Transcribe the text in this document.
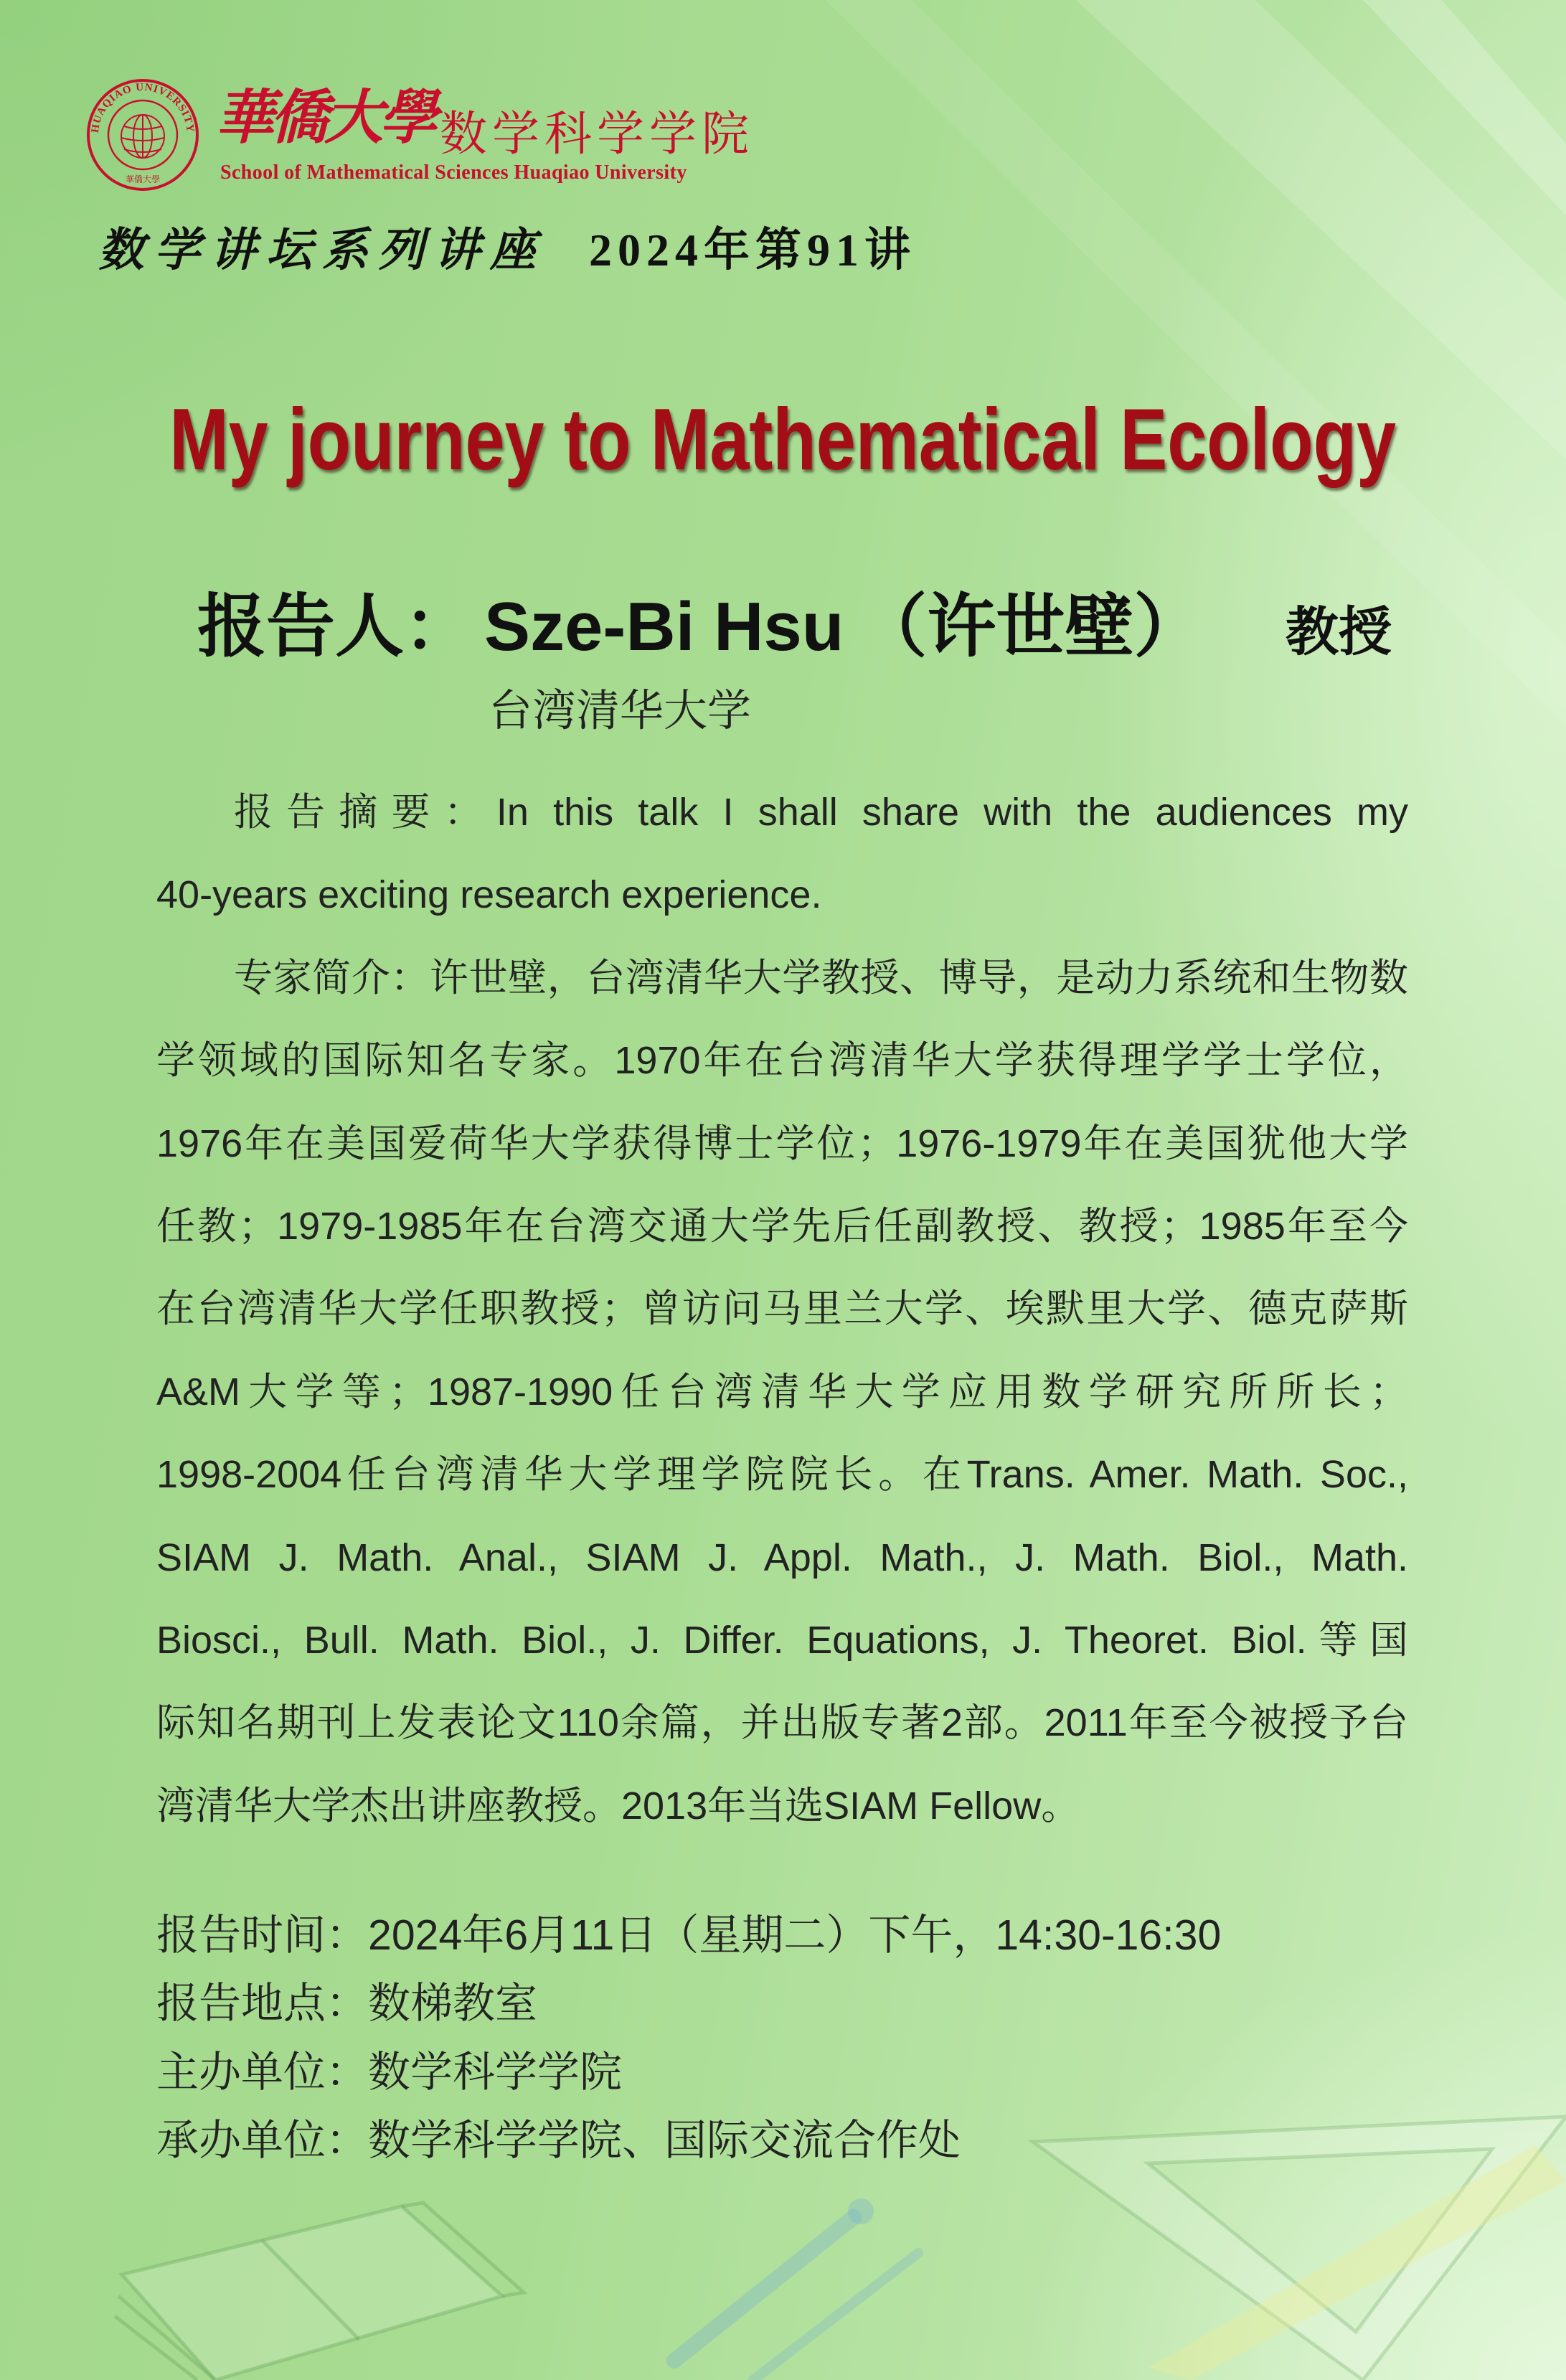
HUAQIAO UNIVERSITY
華僑大學
華僑大學 数学科学学院
School of Mathematical Sciences Huaqiao University
数学讲坛系列讲座 2024年第91讲
My journey to Mathematical Ecology
报告人： Sze-Bi Hsu （许世壁） 教授
台湾清华大学
报告摘要：In this talk I shall share with the audiences my
40-years exciting research experience.
专家简介：许世壁，台湾清华大学教授、博导，是动力系统和生物数
学领域的国际知名专家。1970年在台湾清华大学获得理学学士学位，
1976年在美国爱荷华大学获得博士学位；1976-1979年在美国犹他大学
任教；1979-1985年在台湾交通大学先后任副教授、教授；1985年至今
在台湾清华大学任职教授；曾访问马里兰大学、埃默里大学、德克萨斯
A&M大学等；1987-1990任台湾清华大学应用数学研究所所长；
1998-2004任台湾清华大学理学院院长。在Trans. Amer. Math. Soc.,
SIAM J. Math. Anal., SIAM J. Appl. Math., J. Math. Biol., Math.
Biosci., Bull. Math. Biol., J. Differ. Equations, J. Theoret. Biol.等国
际知名期刊上发表论文110余篇，并出版专著2部。2011年至今被授予台
湾清华大学杰出讲座教授。2013年当选SIAM Fellow。
报告时间：2024年6月11日（星期二）下午，14:30-16:30
报告地点：数梯教室
主办单位：数学科学学院
承办单位：数学科学学院、国际交流合作处
